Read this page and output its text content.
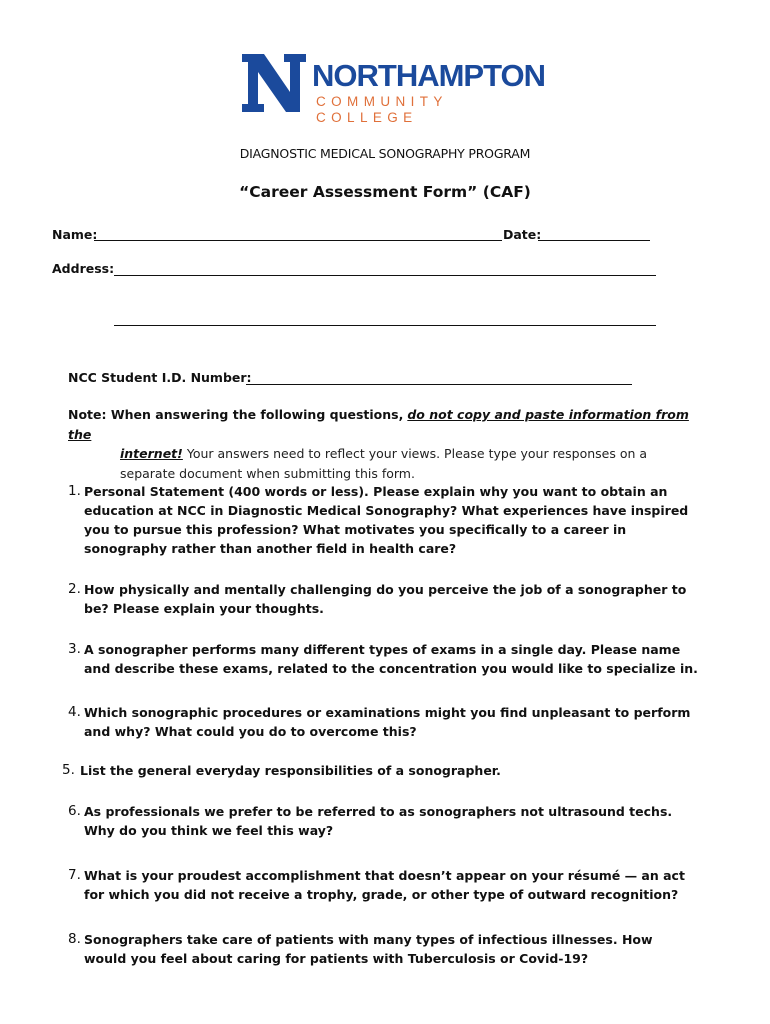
NORTHAMPTON
COMMUNITY COLLEGE
DIAGNOSTIC MEDICAL SONOGRAPHY PROGRAM
“Career Assessment Form” (CAF)
Name:	Date:
Address:
NCC Student I.D. Number:
Note: When answering the following questions, do not copy and paste information from the
internet! Your answers need to reflect your views. Please type your responses on a separate document when submitting this form.
1. Personal Statement (400 words or less). Please explain why you want to obtain an education at NCC in Diagnostic Medical Sonography? What experiences have inspired you to pursue this profession? What motivates you specifically to a career in sonography rather than another field in health care?
2. How physically and mentally challenging do you perceive the job of a sonographer to be? Please explain your thoughts.
3. A sonographer performs many different types of exams in a single day. Please name and describe these exams, related to the concentration you would like to specialize in.
4. Which sonographic procedures or examinations might you find unpleasant to perform and why? What could you do to overcome this?
5. List the general everyday responsibilities of a sonographer.
6. As professionals we prefer to be referred to as sonographers not ultrasound techs. Why do you think we feel this way?
7. What is your proudest accomplishment that doesn’t appear on your résumé — an act for which you did not receive a trophy, grade, or other type of outward recognition?
8. Sonographers take care of patients with many types of infectious illnesses. How would you feel about caring for patients with Tuberculosis or Covid-19?
